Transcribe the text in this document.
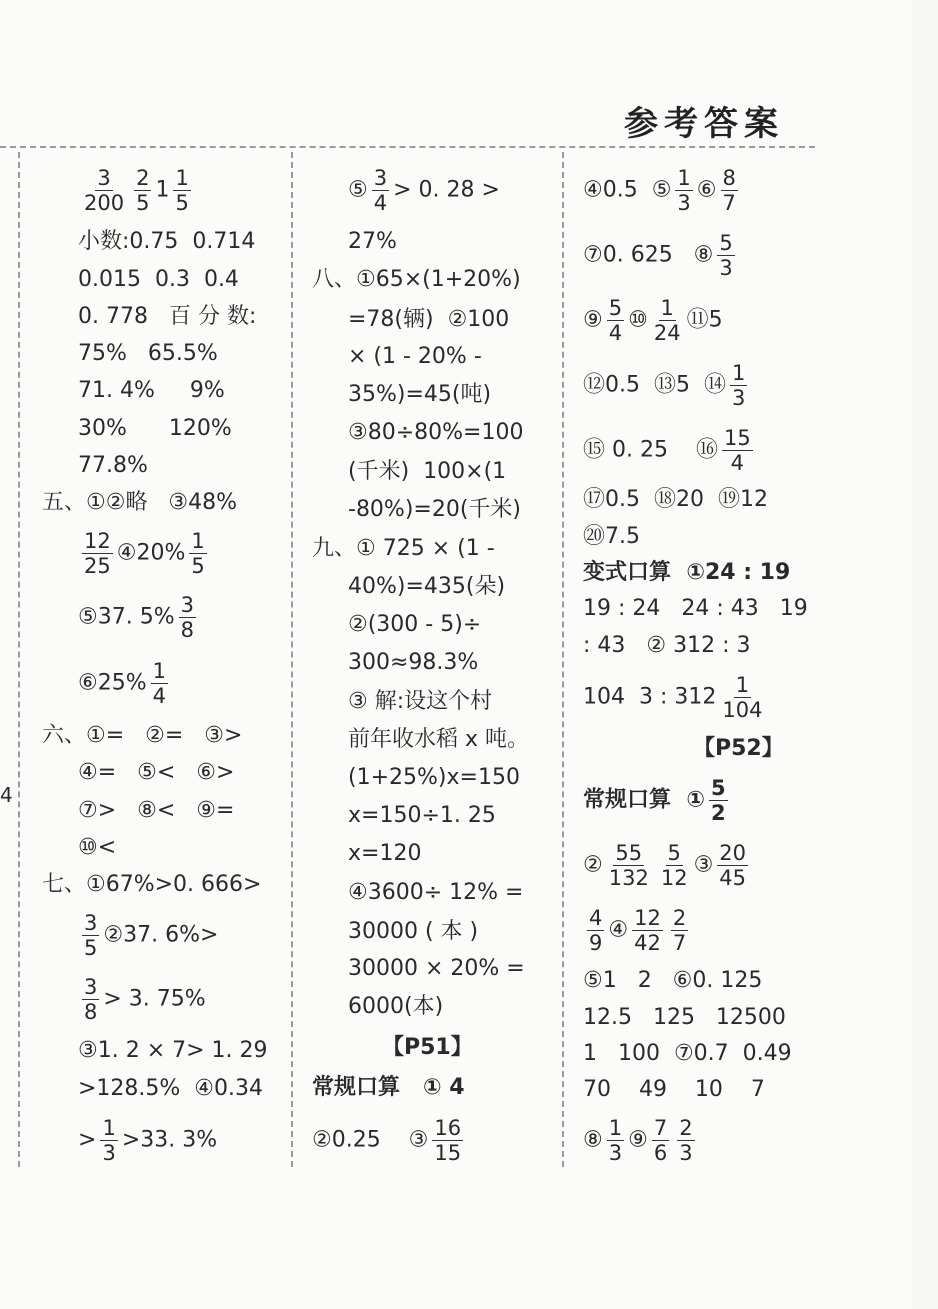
参考答案
4
$\frac{3}{200} \frac{2}{5} 1 \frac{1}{5}$
小数:0.75  0.714
0.015  0.3  0.4
0. 778   百 分 数:
75%   65.5%
71. 4%     9%
30%      120%
77.8%
五、①②略   ③48%
$\frac{12}{25}$ ④20% $\frac{1}{5}$
⑤37. $5\% \frac{3}{8}$
⑥25% $\frac{1}{4}$
六、①=   ②=   ③>
④=   ⑤<   ⑥>
⑦>   ⑧<   ⑨=
⑩<
七、①67%>0. 666>
$\frac{3}{5}$ ②37. 6%>
$\frac{3}{8} > 3$. 75%
③1. 2 × 7> 1. 29
>128.5%  ④0.34
> $\frac{1}{3} >33$. 3%
⑤ $\frac{3}{4} > 0$. 28 >
27%
八、①65×(1+20%)
=78(辆)  ②100
× (1 - 20% -
35%)=45(吨)
③80÷80%=100
(千米)  100×(1
-80%)=20(千米)
九、① 725 × (1 -
40%)=435(朵)
②(300 - 5)÷
300≈98.3%
③ 解:设这个村
前年收水稻 x 吨。
(1+25%)x=150
x=150÷1. 25
x=120
④3600÷ 12% =
30000 ( 本 )
30000 × 20% =
6000(本)
【P51】
常规口算   ① 4
②0.25    ③ $\frac{16}{15}$
④0.5  ⑤ $\frac{1}{3}$ ⑥ $\frac{8}{7}$
⑦0. 625   ⑧ $\frac{5}{3}$
⑨ $\frac{5}{4}$ ⑩ $\frac{1}{24}$ ⑪5
⑫0.5  ⑬5  ⑭ $\frac{1}{3}$
⑮ 0. 25    ⑯ $\frac{15}{4}$
⑰0.5  ⑱20  ⑲12
⑳7.5
变式口算  ①24 : 19
19 : 24   24 : 43   19
: 43   ② 312 : 3
104  3 : $312 \frac{1}{104}$
【P52】
常规口算  ① $\frac{5}{2}$
② $\frac{55}{132} \frac{5}{12}$ ③ $\frac{20}{45}$
$\frac{4}{9}$ ④ $\frac{12}{42} \frac{2}{7}$
⑤1   2   ⑥0. 125
12.5   125   12500
1   100  ⑦0.7  0.49
70    49    10    7
⑧ $\frac{1}{3}$ ⑨ $\frac{7}{6} \frac{2}{3}$
